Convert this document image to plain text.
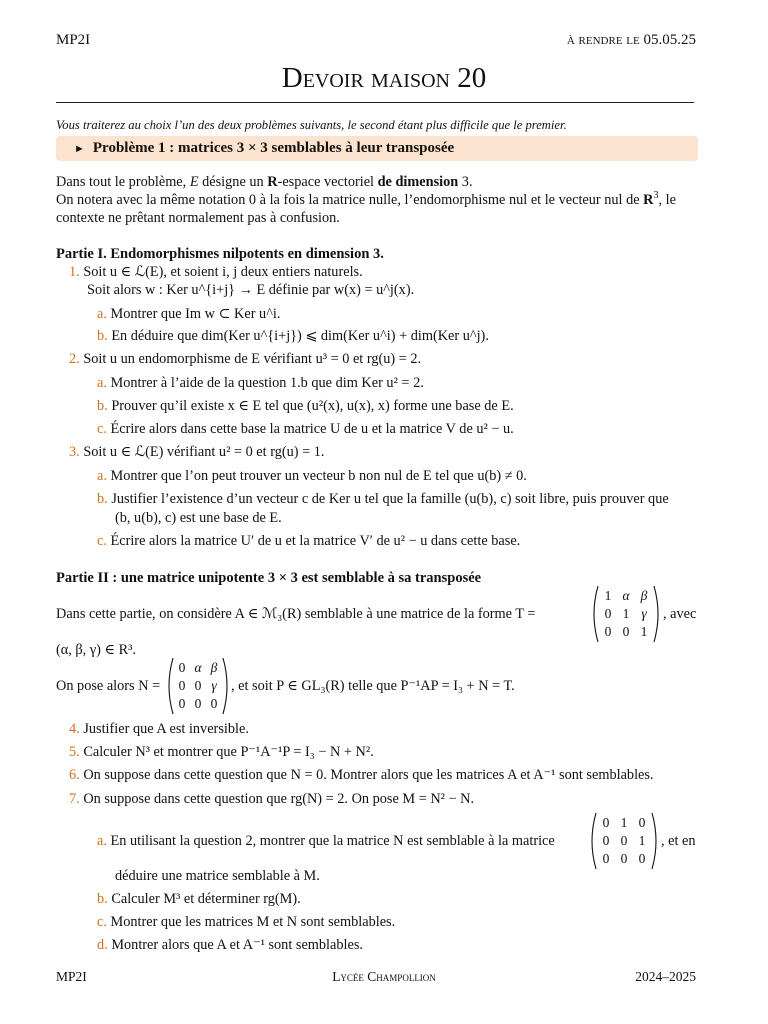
MP2I	à rendre le 05.05.25
Devoir maison 20
Vous traiterez au choix l’un des deux problèmes suivants, le second étant plus difficile que le premier.
► Problème 1 : matrices 3 × 3 semblables à leur transposée
Dans tout le problème, E désigne un R-espace vectoriel de dimension 3.
On notera avec la même notation 0 à la fois la matrice nulle, l’endomorphisme nul et le vecteur nul de $R^3$, le
contexte ne prêtant normalement pas à confusion.
Partie I. Endomorphismes nilpotents en dimension 3.
1. Soit u ∈ ℒ(E), et soient i, j deux entiers naturels.
Soit alors w : Ker u^{i+j} → E définie par w(x) = u^j(x).
a. Montrer que Im w ⊂ Ker u^i.
b. En déduire que dim(Ker u^{i+j}) ⩽ dim(Ker u^i) + dim(Ker u^j).
2. Soit u un endomorphisme de E vérifiant u³ = 0 et rg(u) = 2.
a. Montrer à l’aide de la question 1.b que dim Ker u² = 2.
b. Prouver qu’il existe x ∈ E tel que (u²(x), u(x), x) forme une base de E.
c. Écrire alors dans cette base la matrice U de u et la matrice V de u² − u.
3. Soit u ∈ ℒ(E) vérifiant u² = 0 et rg(u) = 1.
a. Montrer que l’on peut trouver un vecteur b non nul de E tel que u(b) ≠ 0.
b. Justifier l’existence d’un vecteur c de Ker u tel que la famille (u(b), c) soit libre, puis prouver que
(b, u(b), c) est une base de E.
c. Écrire alors la matrice U′ de u et la matrice V′ de u² − u dans cette base.
Partie II : une matrice unipotente 3 × 3 est semblable à sa transposée
Dans cette partie, on considère A ∈ ℳ₃(R) semblable à une matrice de la forme T =
1 α β
0 1 γ
0 0 1
, avec
(α, β, γ) ∈ R³.
On pose alors N =
0 α β
0 0 γ
0 0 0
, et soit P ∈ GL₃(R) telle que P⁻¹AP = I₃ + N = T.
4. Justifier que A est inversible.
5. Calculer N³ et montrer que P⁻¹A⁻¹P = I₃ − N + N².
6. On suppose dans cette question que N = 0. Montrer alors que les matrices A et A⁻¹ sont semblables.
7. On suppose dans cette question que rg(N) = 2. On pose M = N² − N.
a. En utilisant la question 2, montrer que la matrice N est semblable à la matrice
0 1 0
0 0 1
0 0 0
, et en
déduire une matrice semblable à M.
b. Calculer M³ et déterminer rg(M).
c. Montrer que les matrices M et N sont semblables.
d. Montrer alors que A et A⁻¹ sont semblables.
MP2I	Lycée Champollion	2024–2025
